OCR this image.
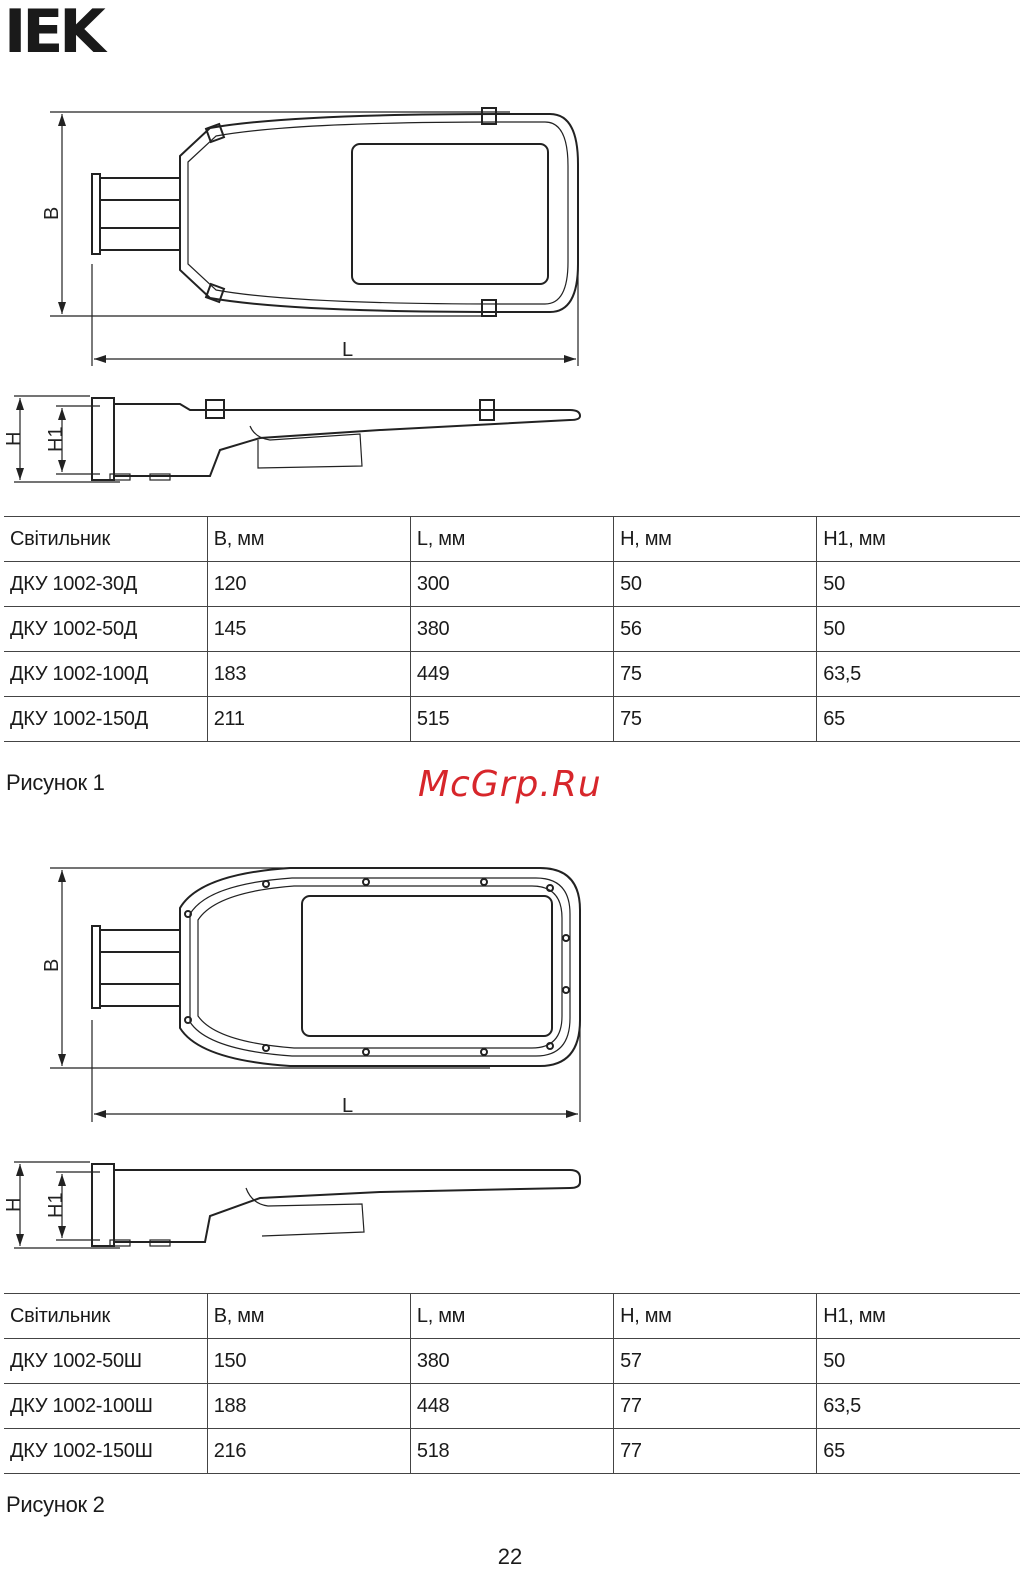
IEK
B
L
H H1
Світильник	В, мм	L, мм	H, мм	H1, мм
ДКУ 1002-30Д	120	300	50	50
ДКУ 1002-50Д	145	380	56	50
ДКУ 1002-100Д	183	449	75	63,5
ДКУ 1002-150Д	211	515	75	65
Рисунок 1	McGrp.Ru
B
L
H H1
Світильник	В, мм	L, мм	H, мм	H1, мм
ДКУ 1002-50Ш	150	380	57	50
ДКУ 1002-100Ш	188	448	77	63,5
ДКУ 1002-150Ш	216	518	77	65
Рисунок 2
22
